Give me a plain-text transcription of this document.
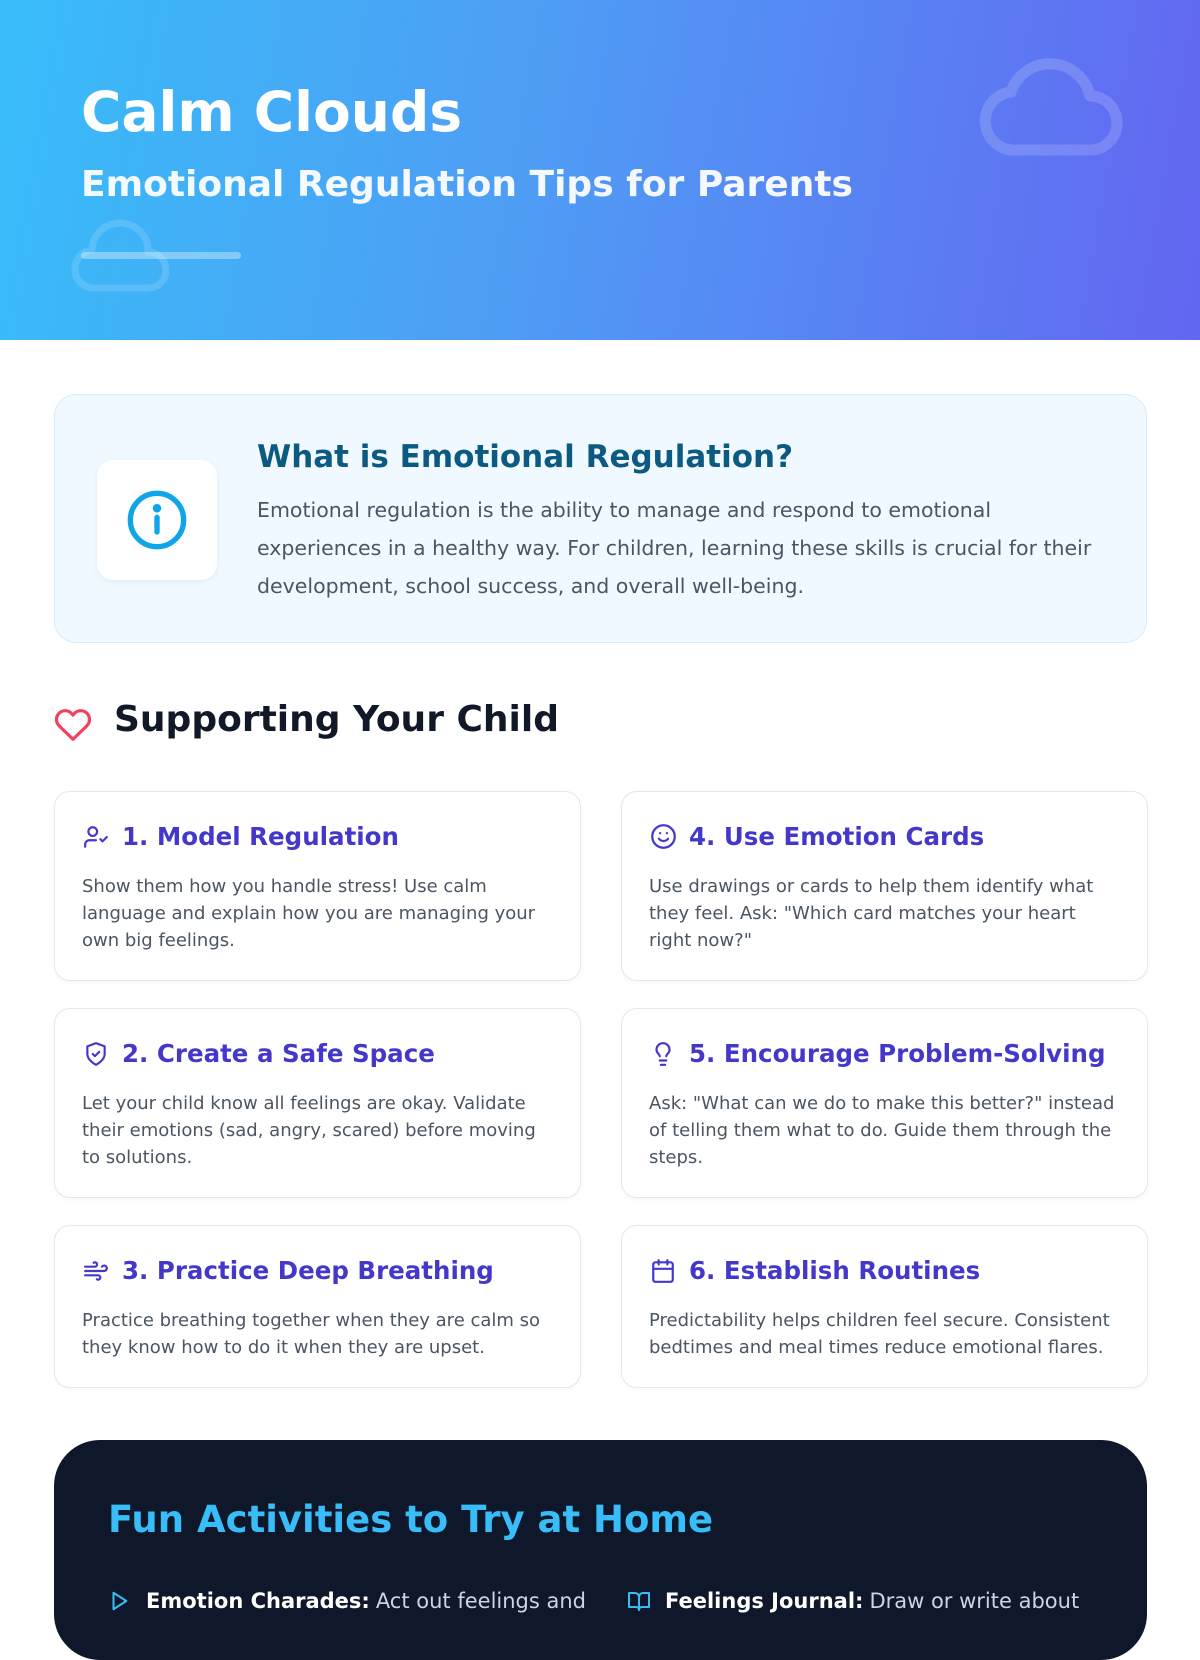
Calm Clouds
Emotional Regulation Tips for Parents
What is Emotional Regulation?

Emotional regulation is the ability to manage and respond to emotional experiences in a healthy way. For children, learning these skills is crucial for their development, school success, and overall well-being.

Supporting Your Child
1. Model Regulation

Show them how you handle stress! Use calm language and explain how you are managing your own big feelings.

4. Use Emotion Cards

Use drawings or cards to help them identify what they feel. Ask: "Which card matches your heart right now?"

2. Create a Safe Space

Let your child know all feelings are okay. Validate their emotions (sad, angry, scared) before moving to solutions.

5. Encourage Problem-Solving

Ask: "What can we do to make this better?" instead of telling them what to do. Guide them through the steps.

3. Practice Deep Breathing

Practice breathing together when they are calm so they know how to do it when they are upset.

6. Establish Routines

Predictability helps children feel secure. Consistent bedtimes and meal times reduce emotional flares.

Fun Activities to Try at Home
Emotion Charades: Act out feelings and	Feelings Journal: Draw or write about
